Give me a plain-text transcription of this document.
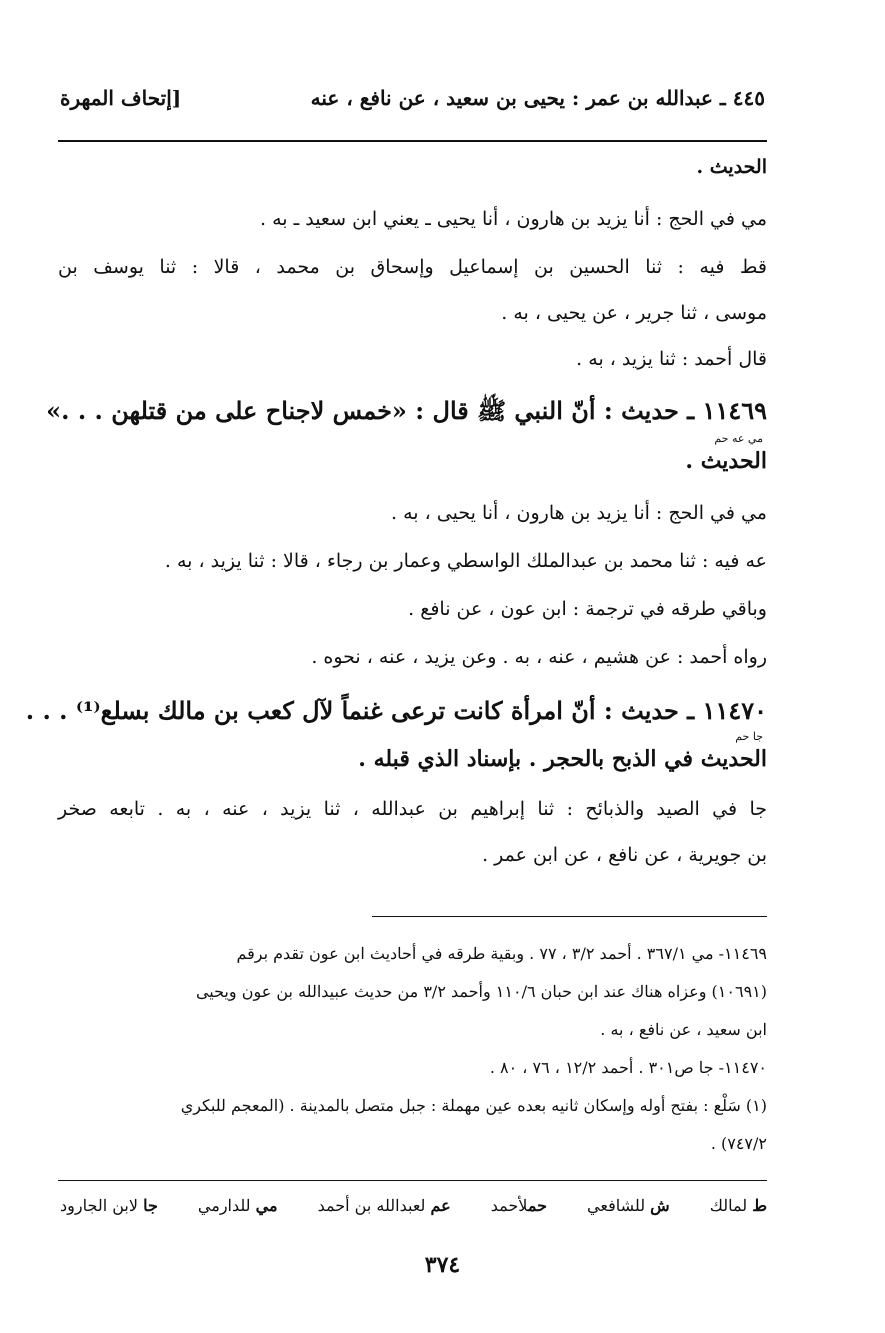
٤٤٥ ـ عبدالله بن عمر : يحيى بن سعيد ، عن نافع ، عنه
[إتحاف المهرة
الحديث .
مي في الحج : أنا يزيد بن هارون ، أنا يحيى ـ يعني ابن سعيد ـ به .
قط فيه : ثنا الحسين بن إسماعيل وإسحاق بن محمد ، قالا : ثنا يوسف بن
موسى ، ثنا جرير ، عن يحيى ، به .
قال أحمد : ثنا يزيد ، به .
١١٤٦٩ ـ حديث : أنّ النبي ﷺ قال : «خمس لاجناح على من قتلهن . . .»
مي عه حم
الحديث .
مي في الحج : أنا يزيد بن هارون ، أنا يحيى ، به .
عه فيه : ثنا محمد بن عبدالملك الواسطي وعمار بن رجاء ، قالا : ثنا يزيد ، به .
وباقي طرقه في ترجمة : ابن عون ، عن نافع .
رواه أحمد : عن هشيم ، عنه ، به . وعن يزيد ، عنه ، نحوه .
١١٤٧٠ ـ حديث : أنّ امرأة كانت ترعى غنماً لآل كعب بن مالك بسلع⁽¹⁾ . . .
جا حم
الحديث في الذبح بالحجر . بإسناد الذي قبله .
جا في الصيد والذبائح : ثنا إبراهيم بن عبدالله ، ثنا يزيد ، عنه ، به . تابعه صخر
بن جويرية ، عن نافع ، عن ابن عمر .
١١٤٦٩- مي ٣٦٧/١ . أحمد ٣/٢ ، ٧٧ . وبقية طرقه في أحاديث ابن عون تقدم برقم
(١٠٦٩١) وعزاه هناك عند ابن حبان ١١٠/٦ وأحمد ٣/٢ من حديث عبيدالله بن عون ويحيى
ابن سعيد ، عن نافع ، به .
١١٤٧٠- جا ص٣٠١ . أحمد ١٢/٢ ، ٧٦ ، ٨٠ .
(١) سَلْع : بفتح أوله وإسكان ثانيه بعده عين مهملة : جبل متصل بالمدينة . (المعجم للبكري
٧٤٧/٢) .
ط لمالك
ش للشافعي
حملأحمد
عم لعبدالله بن أحمد
مي للدارمي
جا لابن الجارود
٣٧٤
